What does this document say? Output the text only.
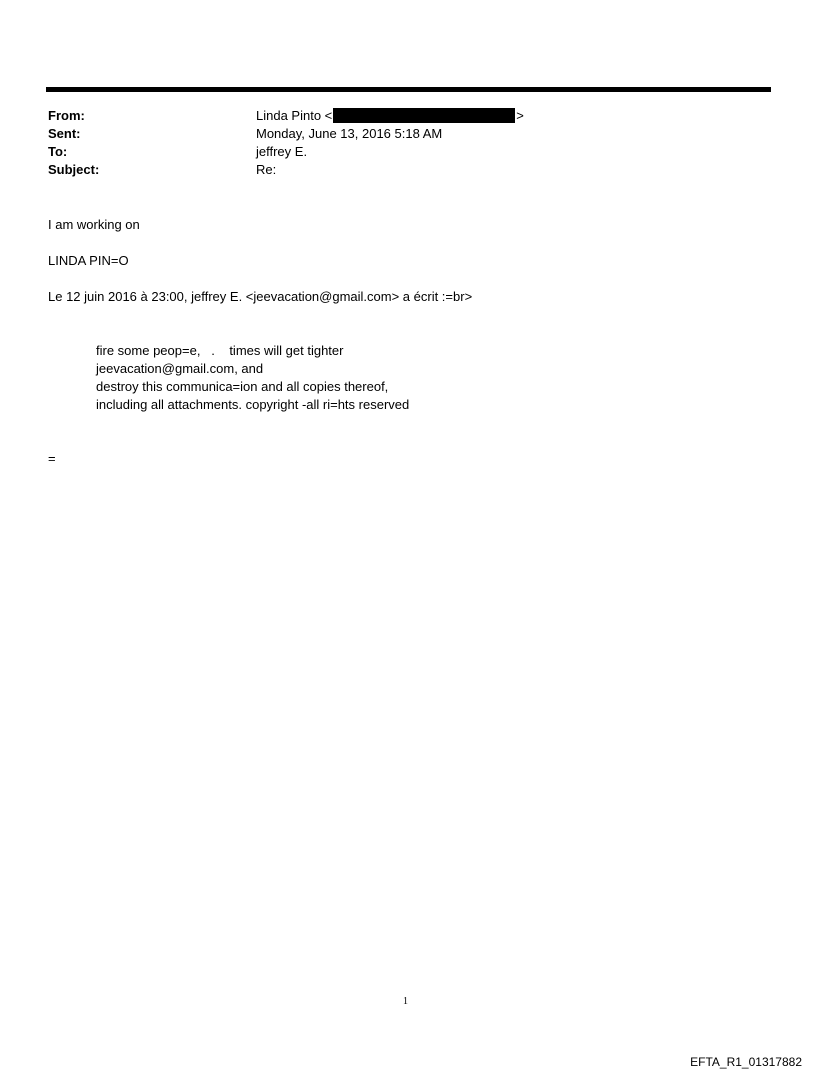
From:	Linda Pinto <	>
Sent:	Monday, June 13, 2016 5:18 AM
To:	jeffrey E.
Subject:	Re:
I am working on
LINDA PIN=O
Le 12 juin 2016 à 23:00, jeffrey E. <jeevacation@gmail.com> a écrit :=br>
fire some peop=e,   .    times will get tighter
jeevacation@gmail.com, and
destroy this communica=ion and all copies thereof,
including all attachments. copyright -all ri=hts reserved
=
1
EFTA_R1_01317882
